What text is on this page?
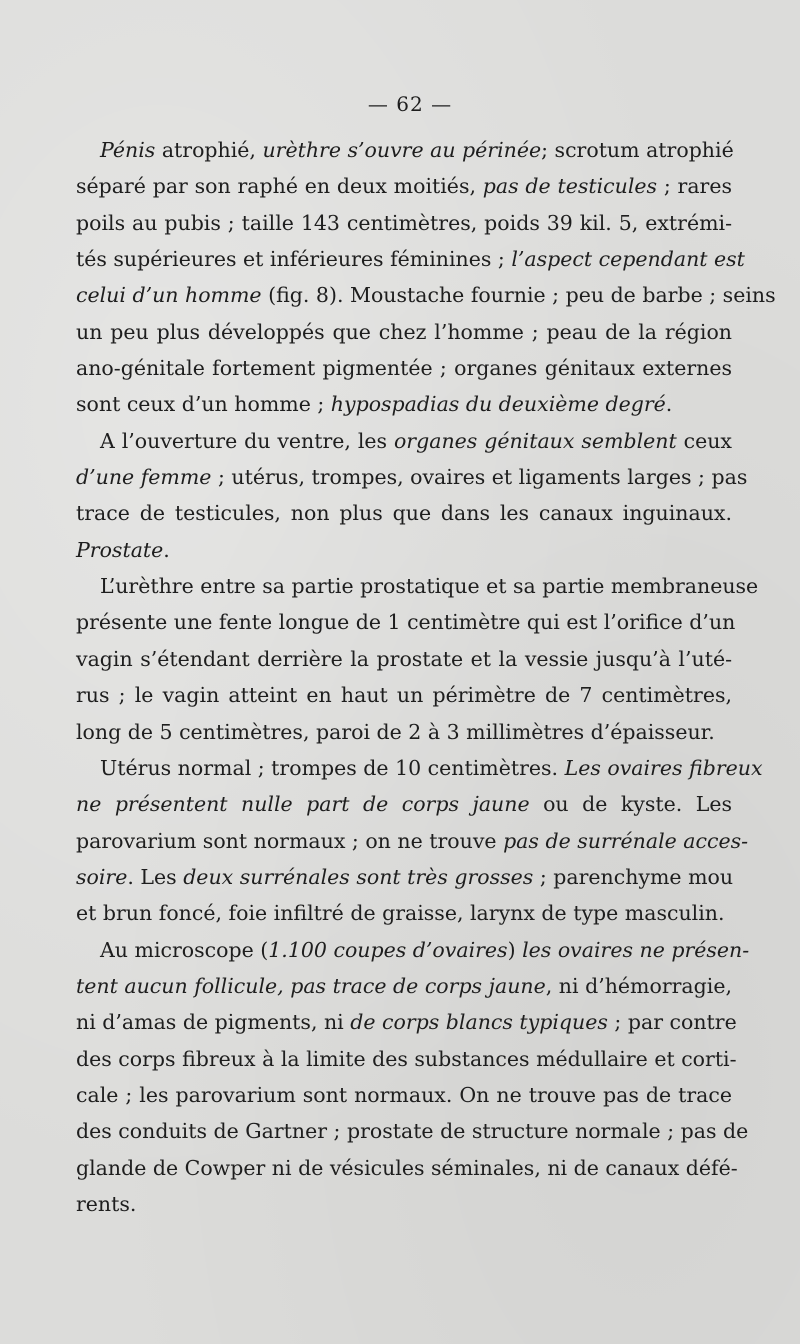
— 62 —
Pénis atrophié, urèthre s’ouvre au périnée; scrotum atrophié
séparé par son raphé en deux moitiés, pas de testicules ; rares
poils au pubis ; taille 143 centimètres, poids 39 kil. 5, extrémi-
tés supérieures et inférieures féminines ; l’aspect cependant est
celui d’un homme (fig. 8). Moustache fournie ; peu de barbe ; seins
un peu plus développés que chez l’homme ; peau de la région
ano-génitale fortement pigmentée ; organes génitaux externes
sont ceux d’un homme ; hypospadias du deuxième degré.
A l’ouverture du ventre, les organes génitaux semblent ceux
d’une femme ; utérus, trompes, ovaires et ligaments larges ; pas
trace de testicules, non plus que dans les canaux inguinaux.
Prostate.
L’urèthre entre sa partie prostatique et sa partie membraneuse
présente une fente longue de 1 centimètre qui est l’orifice d’un
vagin s’étendant derrière la prostate et la vessie jusqu’à l’uté-
rus ; le vagin atteint en haut un périmètre de 7 centimètres,
long de 5 centimètres, paroi de 2 à 3 millimètres d’épaisseur.
Utérus normal ; trompes de 10 centimètres. Les ovaires fibreux
ne présentent nulle part de corps jaune ou de kyste. Les
parovarium sont normaux ; on ne trouve pas de surrénale acces-
soire. Les deux surrénales sont très grosses ; parenchyme mou
et brun foncé, foie infiltré de graisse, larynx de type masculin.
Au microscope (1.100 coupes d’ovaires) les ovaires ne présen-
tent aucun follicule, pas trace de corps jaune, ni d’hémorragie,
ni d’amas de pigments, ni de corps blancs typiques ; par contre
des corps fibreux à la limite des substances médullaire et corti-
cale ; les parovarium sont normaux. On ne trouve pas de trace
des conduits de Gartner ; prostate de structure normale ; pas de
glande de Cowper ni de vésicules séminales, ni de canaux défé-
rents.
